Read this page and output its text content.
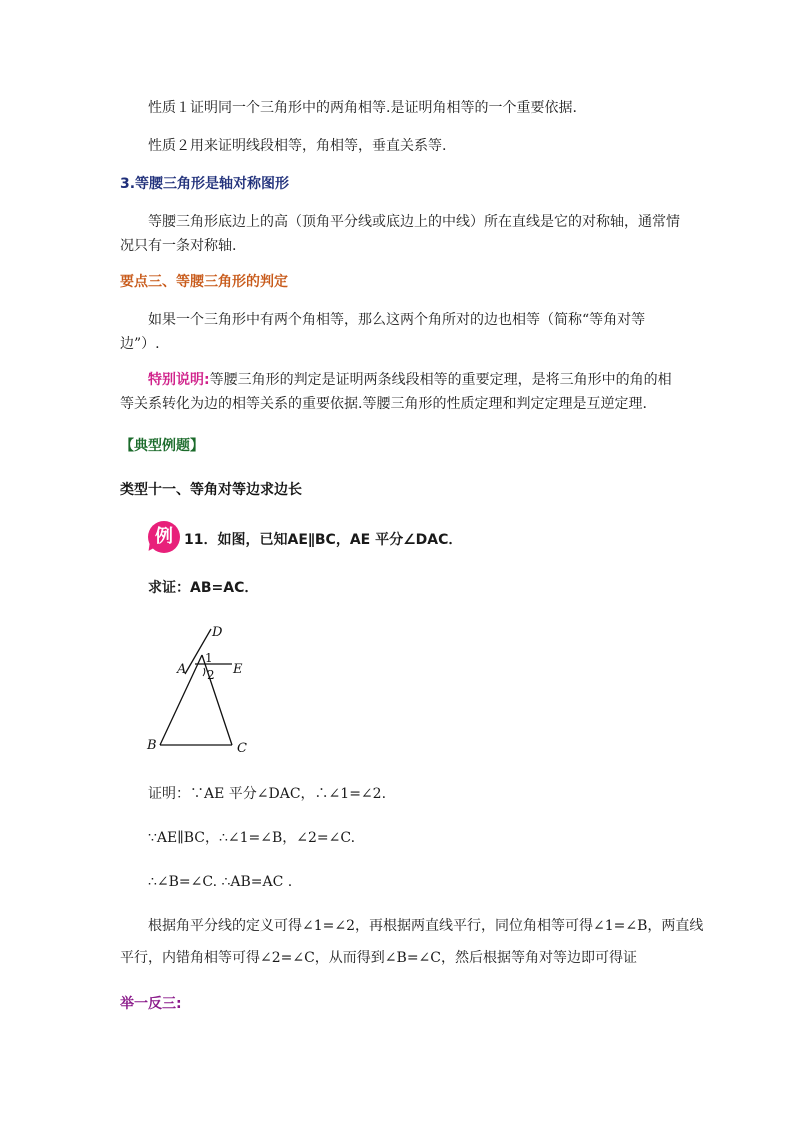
性质１证明同一个三角形中的两角相等.是证明角相等的一个重要依据.
性质２用来证明线段相等，角相等，垂直关系等.
3.等腰三角形是轴对称图形
等腰三角形底边上的高（顶角平分线或底边上的中线）所在直线是它的对称轴，通常情
况只有一条对称轴.
要点三、等腰三角形的判定
如果一个三角形中有两个角相等，那么这两个角所对的边也相等（简称“等角对等
边”）.
特别说明:等腰三角形的判定是证明两条线段相等的重要定理，是将三角形中的角的相
等关系转化为边的相等关系的重要依据.等腰三角形的性质定理和判定定理是互逆定理.
【典型例题】
类型十一、等角对等边求边长
例 11．如图，已知AE∥BC，AE 平分∠DAC．
求证：AB=AC．
D
A
1
2 E
B	C
证明：∵AE 平分∠DAC，∴∠1=∠2.
∵AE∥BC，∴∠1=∠B，∠2=∠C.
∴∠B=∠C. ∴AB=AC .
根据角平分线的定义可得∠1=∠2，再根据两直线平行，同位角相等可得∠1=∠B，两直线
平行，内错角相等可得∠2=∠C，从而得到∠B=∠C，然后根据等角对等边即可得证
举一反三:
